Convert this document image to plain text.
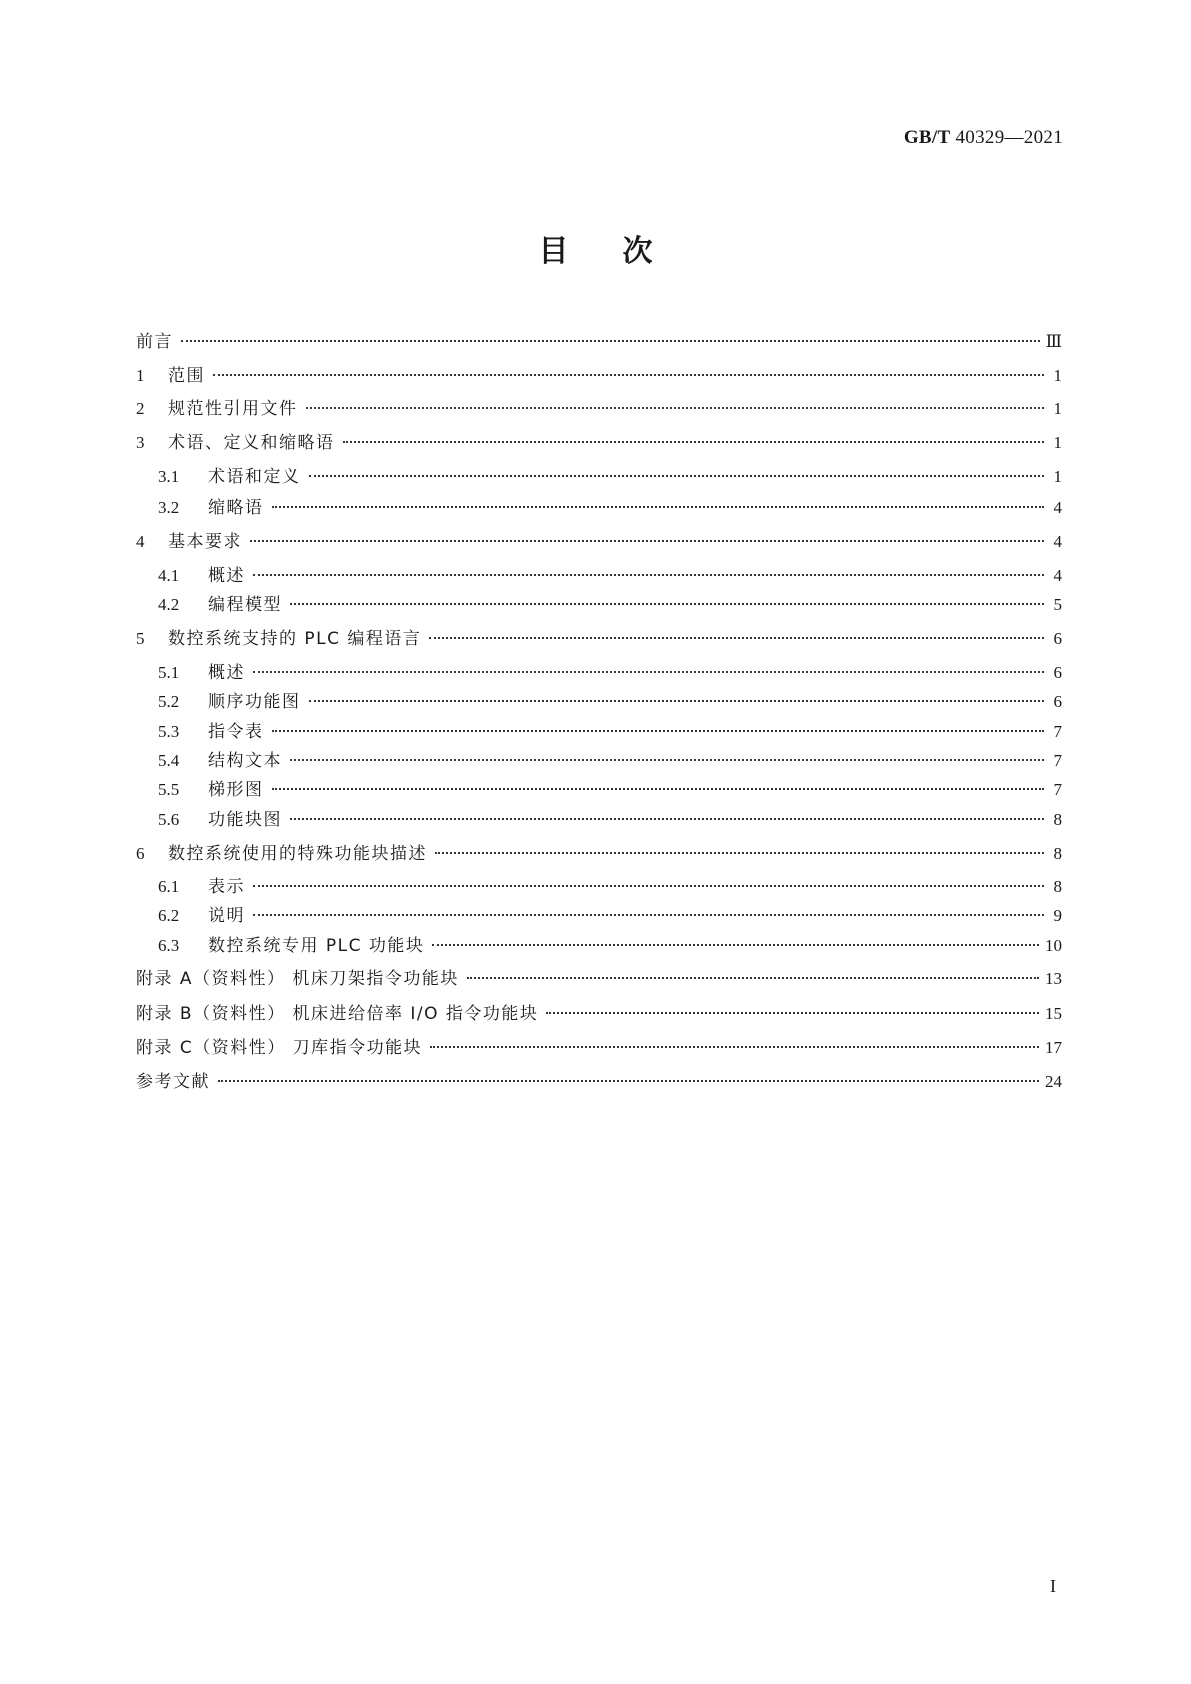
GB/T 40329—2021
目次
前言	Ⅲ
1	范围	1
2	规范性引用文件	1
3	术语、定义和缩略语	1
3.1	术语和定义	1
3.2	缩略语	4
4	基本要求	4
4.1	概述	4
4.2	编程模型	5
5	数控系统支持的 PLC 编程语言	6
5.1	概述	6
5.2	顺序功能图	6
5.3	指令表	7
5.4	结构文本	7
5.5	梯形图	7
5.6	功能块图	8
6	数控系统使用的特殊功能块描述	8
6.1	表示	8
6.2	说明	9
6.3	数控系统专用 PLC 功能块	10
附录 A（资料性） 机床刀架指令功能块	13
附录 B（资料性） 机床进给倍率 I/O 指令功能块	15
附录 C（资料性） 刀库指令功能块	17
参考文献	24
I
